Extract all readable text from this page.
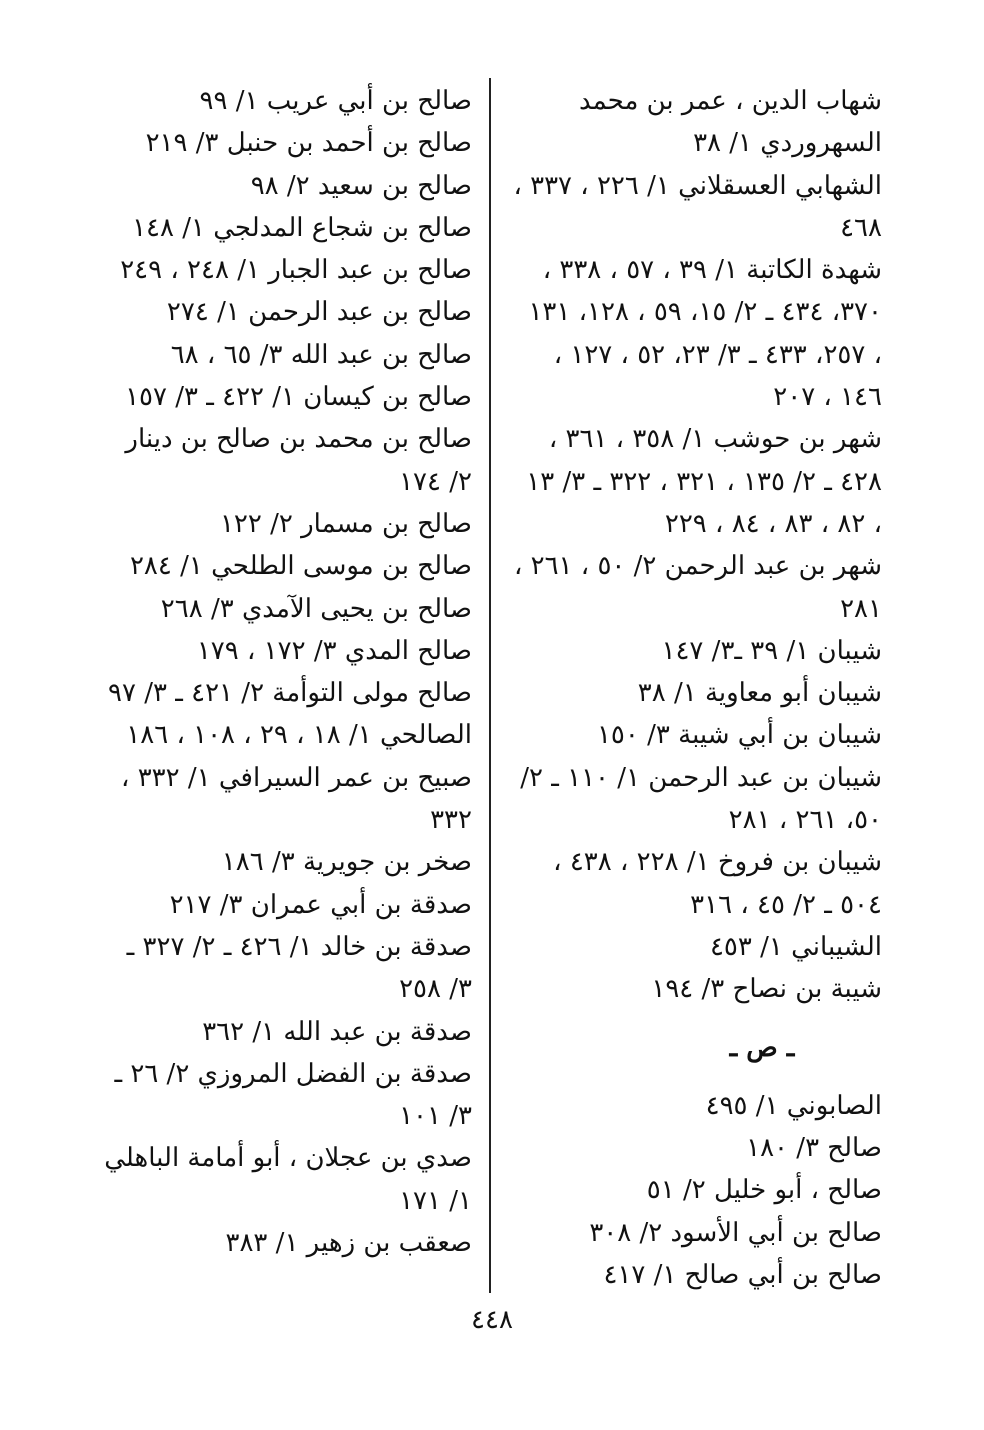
شهاب الدين ، عمر بن محمد السهروردي ١/ ٣٨
الشهابي العسقلاني ١/ ٢٢٦ ، ٣٣٧ ، ٤٦٨
شهدة الكاتبة ١/ ٣٩ ، ٥٧ ، ٣٣٨ ، ٣٧٠، ٤٣٤ ـ ٢/ ١٥، ٥٩ ، ١٢٨، ١٣١ ، ٢٥٧، ٤٣٣ ـ ٣/ ٢٣، ٥٢ ، ١٢٧ ، ١٤٦ ، ٢٠٧
شهر بن حوشب ١/ ٣٥٨ ، ٣٦١ ، ٤٢٨ ـ ٢/ ١٣٥ ، ٣٢١ ، ٣٢٢ ـ ٣/ ١٣ ، ٨٢ ، ٨٣ ، ٨٤ ، ٢٢٩
شهر بن عبد الرحمن ٢/ ٥٠ ، ٢٦١ ، ٢٨١
شيبان ١/ ٣٩ ـ٣/ ١٤٧
شيبان أبو معاوية ١/ ٣٨
شيبان بن أبي شيبة ٣/ ١٥٠
شيبان بن عبد الرحمن ١/ ١١٠ ـ ٢/ ٥٠، ٢٦١ ، ٢٨١
شيبان بن فروخ ١/ ٢٢٨ ، ٤٣٨ ، ٥٠٤ ـ ٢/ ٤٥ ، ٣١٦
الشيباني ١/ ٤٥٣
شيبة بن نصاح ٣/ ١٩٤
ـ ص ـ
الصابوني ١/ ٤٩٥
صالح ٣/ ١٨٠
صالح ، أبو خليل ٢/ ٥١
صالح بن أبي الأسود ٢/ ٣٠٨
صالح بن أبي صالح ١/ ٤١٧
صالح بن أبي عريب ١/ ٩٩
صالح بن أحمد بن حنبل ٣/ ٢١٩
صالح بن سعيد ٢/ ٩٨
صالح بن شجاع المدلجي ١/ ١٤٨
صالح بن عبد الجبار ١/ ٢٤٨ ، ٢٤٩
صالح بن عبد الرحمن ١/ ٢٧٤
صالح بن عبد الله ٣/ ٦٥ ، ٦٨
صالح بن كيسان ١/ ٤٢٢ ـ ٣/ ١٥٧
صالح بن محمد بن صالح بن دينار ٢/ ١٧٤
صالح بن مسمار ٢/ ١٢٢
صالح بن موسى الطلحي ١/ ٢٨٤
صالح بن يحيى الآمدي ٣/ ٢٦٨
صالح المدي ٣/ ١٧٢ ، ١٧٩
صالح مولى التوأمة ٢/ ٤٢١ ـ ٣/ ٩٧
الصالحي ١/ ١٨ ، ٢٩ ، ١٠٨ ، ١٨٦
صبيح بن عمر السيرافي ١/ ٣٣٢ ، ٣٣٢
صخر بن جويرية ٣/ ١٨٦
صدقة بن أبي عمران ٣/ ٢١٧
صدقة بن خالد ١/ ٤٢٦ ـ ٢/ ٣٢٧ ـ ٣/ ٢٥٨
صدقة بن عبد الله ١/ ٣٦٢
صدقة بن الفضل المروزي ٢/ ٢٦ ـ ٣/ ١٠١
صدي بن عجلان ، أبو أمامة الباهلي ١/ ١٧١
صعقب بن زهير ١/ ٣٨٣
٤٤٨
